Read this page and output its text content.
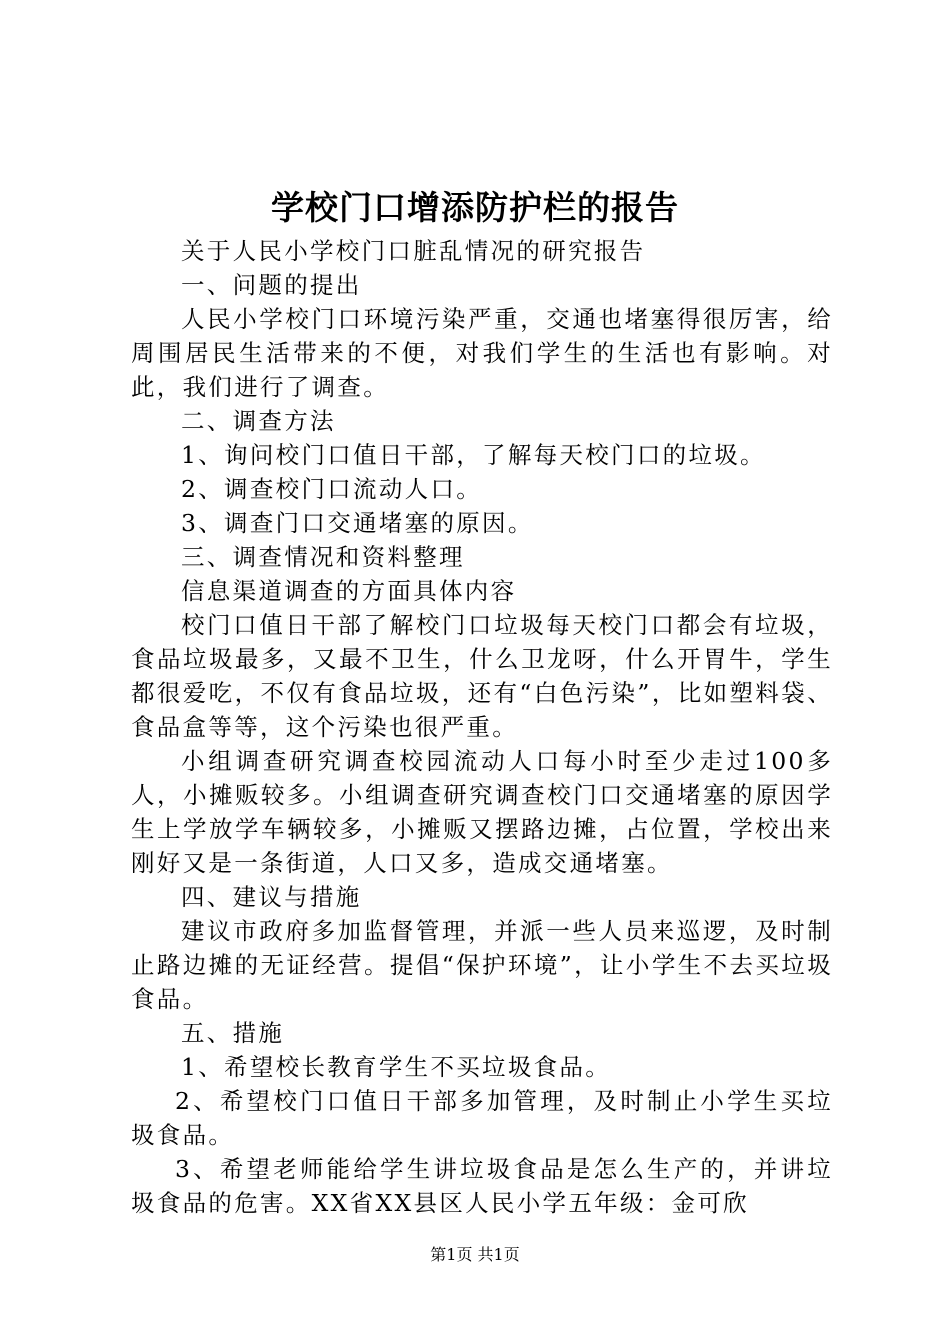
学校门口增添防护栏的报告

关于人民小学校门口脏乱情况的研究报告

一、问题的提出

人民小学校门口环境污染严重，交通也堵塞得很厉害，给周围居民生活带来的不便，对我们学生的生活也有影响。对此，我们进行了调查。

二、调查方法

1、询问校门口值日干部，了解每天校门口的垃圾。

2、调查校门口流动人口。

3、调查门口交通堵塞的原因。

三、调查情况和资料整理

信息渠道调查的方面具体内容

校门口值日干部了解校门口垃圾每天校门口都会有垃圾，食品垃圾最多，又最不卫生，什么卫龙呀，什么开胃牛，学生都很爱吃，不仅有食品垃圾，还有“白色污染”，比如塑料袋、食品盒等等，这个污染也很严重。

小组调查研究调查校园流动人口每小时至少走过100多人，小摊贩较多。小组调查研究调查校门口交通堵塞的原因学生上学放学车辆较多，小摊贩又摆路边摊，占位置，学校出来刚好又是一条街道，人口又多，造成交通堵塞。

四、建议与措施

建议市政府多加监督管理，并派一些人员来巡逻，及时制止路边摊的无证经营。提倡“保护环境”，让小学生不去买垃圾食品。

五、措施

1、希望校长教育学生不买垃圾食品。

2、希望校门口值日干部多加管理，及时制止小学生买垃圾食品。

3、希望老师能给学生讲垃圾食品是怎么生产的，并讲垃圾食品的危害。XX省XX县区人民小学五年级：金可欣

第1页 共1页
